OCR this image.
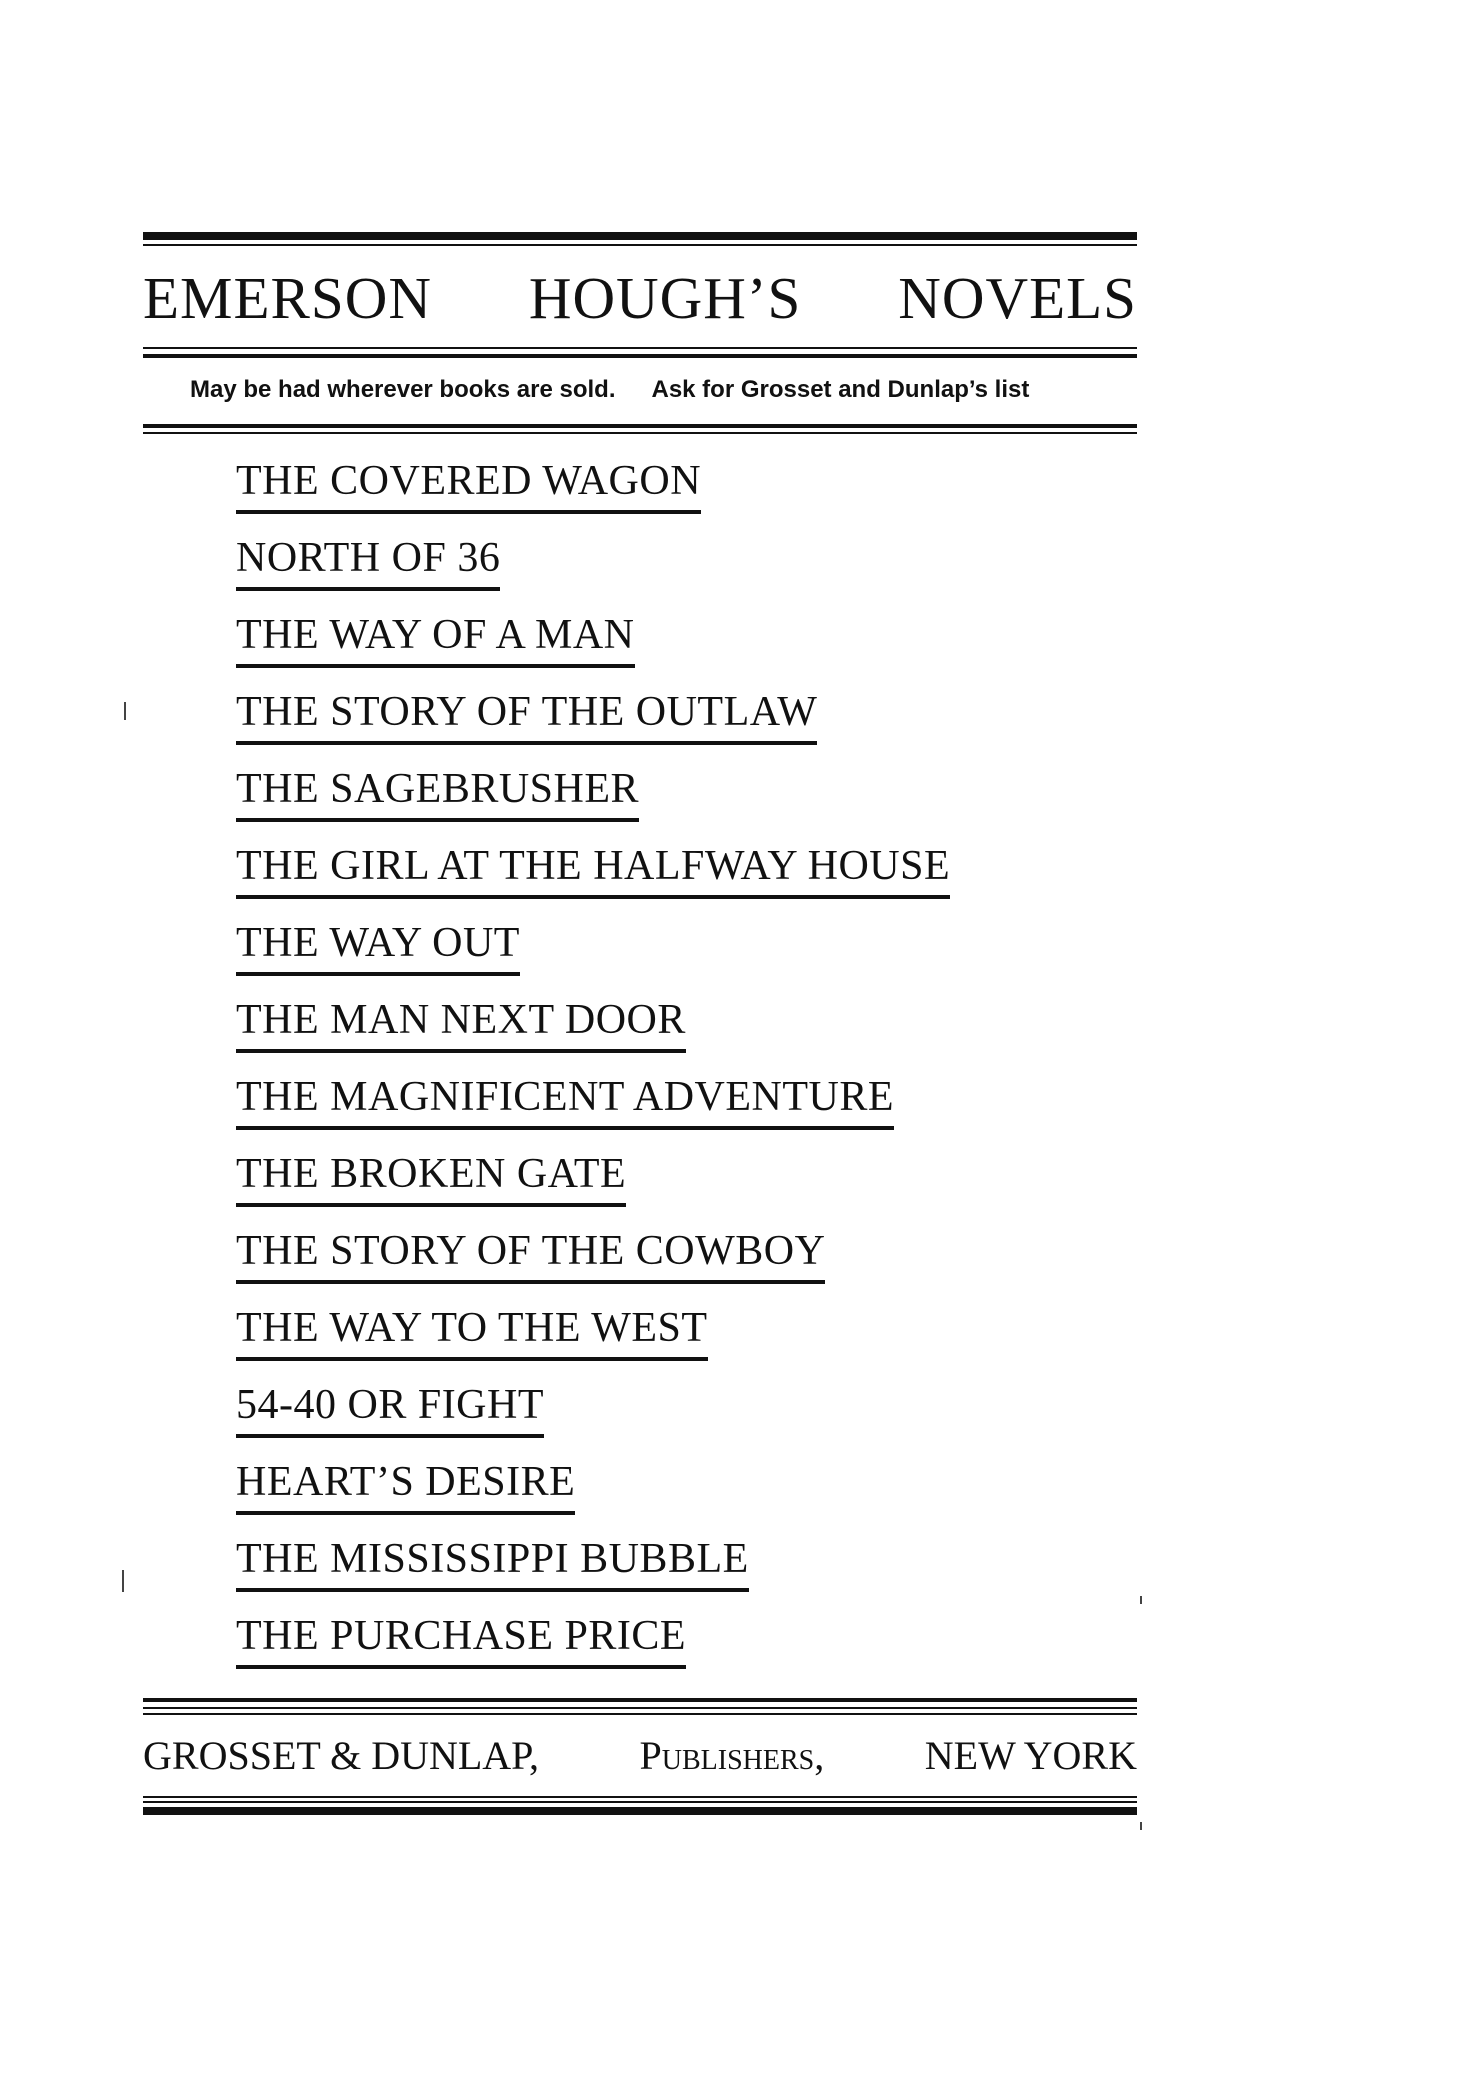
EMERSON HOUGH’S NOVELS
May be had wherever books are sold. Ask for Grosset and Dunlap’s list
THE COVERED WAGON
NORTH OF 36
THE WAY OF A MAN
THE STORY OF THE OUTLAW
THE SAGEBRUSHER
THE GIRL AT THE HALFWAY HOUSE
THE WAY OUT
THE MAN NEXT DOOR
THE MAGNIFICENT ADVENTURE
THE BROKEN GATE
THE STORY OF THE COWBOY
THE WAY TO THE WEST
54-40 OR FIGHT
HEART’S DESIRE
THE MISSISSIPPI BUBBLE
THE PURCHASE PRICE
GROSSET & DUNLAP,	Publishers,	NEW YORK
